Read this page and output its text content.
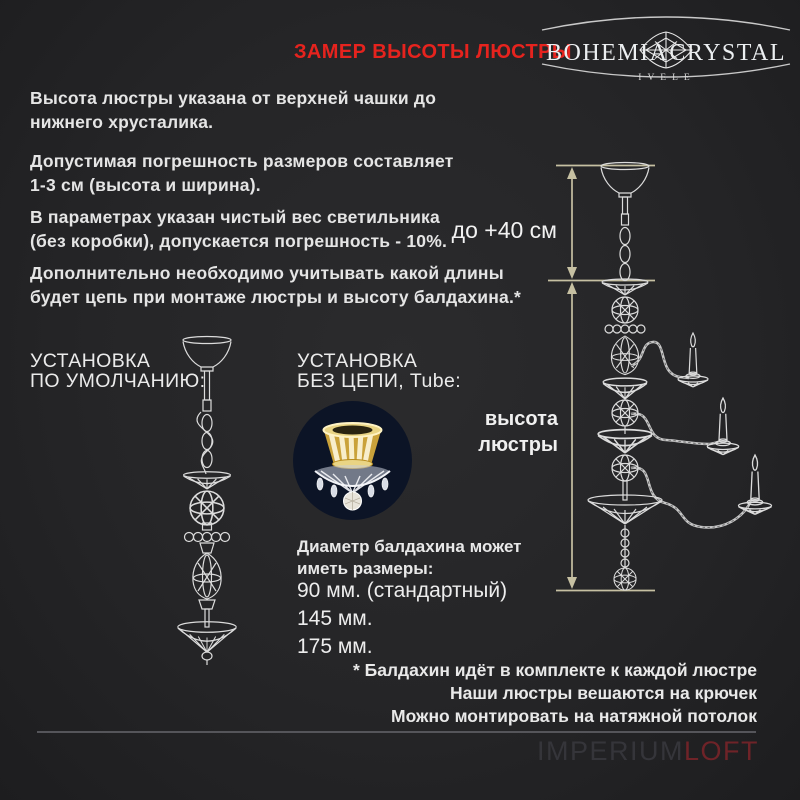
ЗАМЕР ВЫСОТЫ ЛЮСТРЫ
BOHEMIA CRYSTAL
IVELE
Высота люстры указана от верхней чашки до
нижнего хрусталика.
Допустимая погрешность размеров составляет
1-3 см (высота и ширина).
В параметрах указан чистый вес светильника
(без коробки), допускается погрешность - 10%.
Дополнительно необходимо учитывать какой длины
будет цепь при монтаже люстры и высоту балдахина.*
УСТАНОВКА
ПО УМОЛЧАНИЮ:
УСТАНОВКА
БЕЗ ЦЕПИ, Tube:
Диаметр балдахина может
иметь размеры:
90 мм. (стандартный)
145 мм.
175 мм.
до +40 см
высота
люстры
* Балдахин идёт в комплекте к каждой люстре
Наши люстры вешаются на крючек
Можно монтировать на натяжной потолок
IMPERIUMLOFT
